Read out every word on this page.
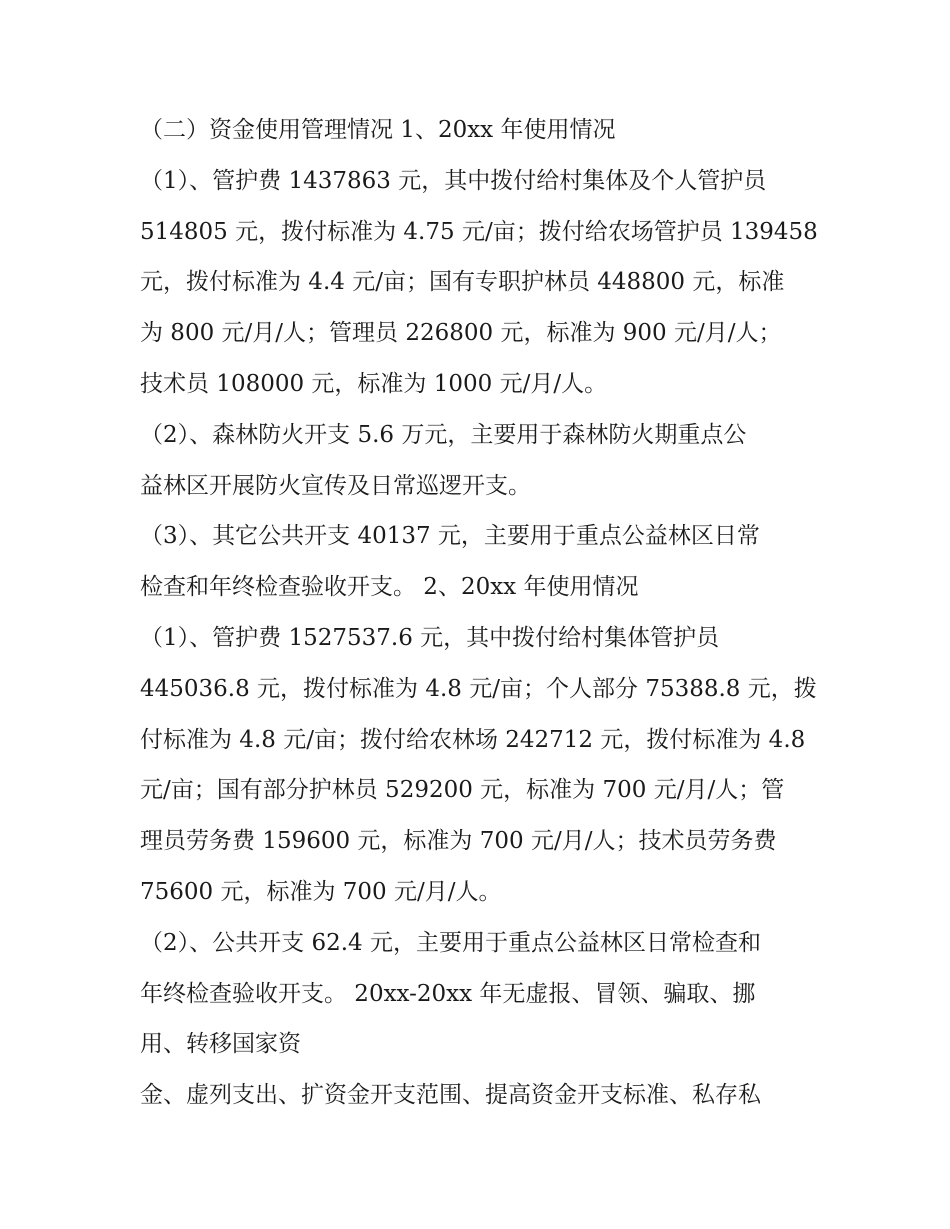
（二）资金使用管理情况 1、20xx 年使用情况
（1）、管护费 1437863 元，其中拨付给村集体及个人管护员
514805 元，拨付标准为 4.75 元/亩；拨付给农场管护员 139458
元，拨付标准为 4.4 元/亩；国有专职护林员 448800 元，标准
为 800 元/月/人；管理员 226800 元，标准为 900 元/月/人；
技术员 108000 元，标准为 1000 元/月/人。
（2）、森林防火开支 5.6 万元，主要用于森林防火期重点公
益林区开展防火宣传及日常巡逻开支。
（3）、其它公共开支 40137 元，主要用于重点公益林区日常
检查和年终检查验收开支。 2、20xx 年使用情况
（1）、管护费 1527537.6 元，其中拨付给村集体管护员
445036.8 元，拨付标准为 4.8 元/亩；个人部分 75388.8 元，拨
付标准为 4.8 元/亩；拨付给农林场 242712 元，拨付标准为 4.8
元/亩；国有部分护林员 529200 元，标准为 700 元/月/人；管
理员劳务费 159600 元，标准为 700 元/月/人；技术员劳务费
75600 元，标准为 700 元/月/人。
（2）、公共开支 62.4 元，主要用于重点公益林区日常检查和
年终检查验收开支。 20xx-20xx 年无虚报、冒领、骗取、挪
用、转移国家资
金、虚列支出、扩资金开支范围、提高资金开支标准、私存私
